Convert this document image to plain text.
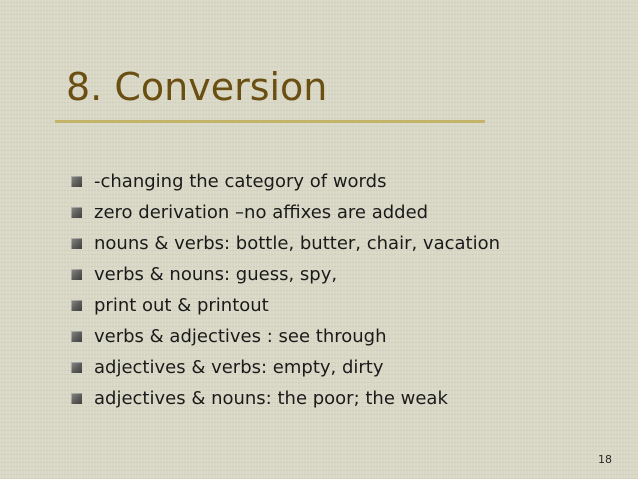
8. Conversion
-changing the category of words
zero derivation –no affixes are added
nouns & verbs: bottle, butter, chair, vacation
verbs & nouns: guess, spy,
print out & printout
verbs & adjectives : see through
adjectives & verbs: empty, dirty
adjectives & nouns: the poor; the weak
18
